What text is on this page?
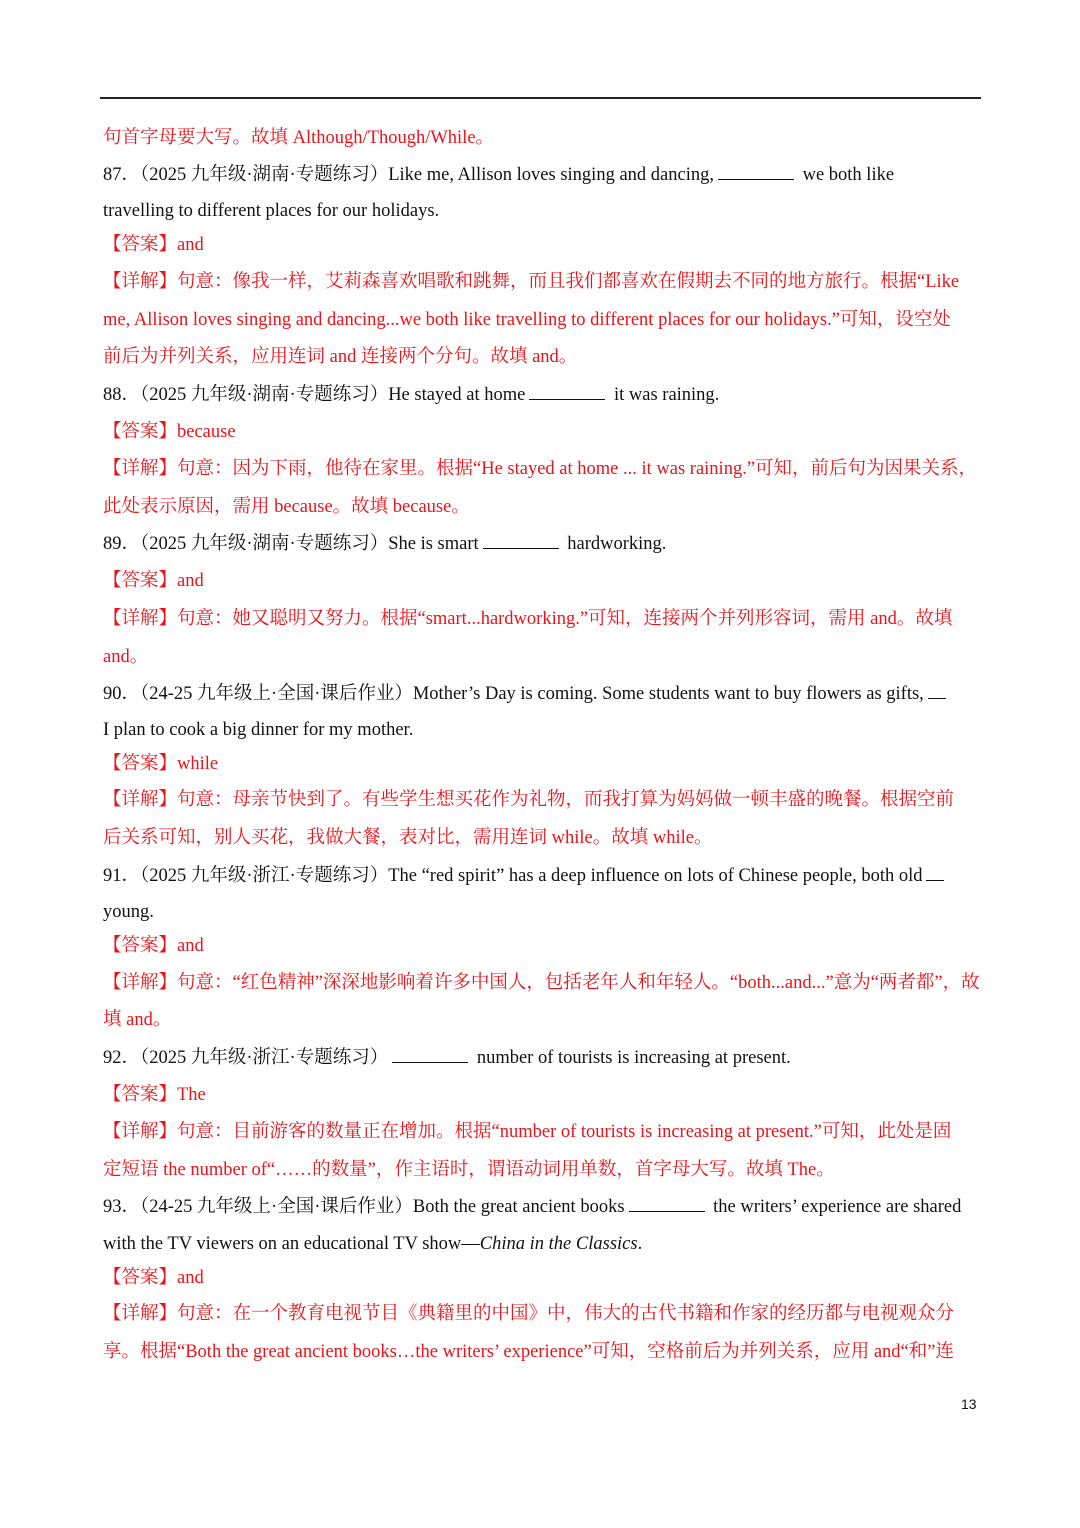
句首字母要大写。故填 Although/Though/While。
87．（2025 九年级·湖南·专题练习）Like me, Allison loves singing and dancing,	we both like
travelling to different places for our holidays.
【答案】and
【详解】句意：像我一样，艾莉森喜欢唱歌和跳舞，而且我们都喜欢在假期去不同的地方旅行。根据“Like
me, Allison loves singing and dancing...we both like travelling to different places for our holidays.”可知，设空处
前后为并列关系，应用连词 and 连接两个分句。故填 and。
88．（2025 九年级·湖南·专题练习）He stayed at home	it was raining.
【答案】because
【详解】句意：因为下雨，他待在家里。根据“He stayed at home ... it was raining.”可知，前后句为因果关系，
此处表示原因，需用 because。故填 because。
89．（2025 九年级·湖南·专题练习）She is smart	hardworking.
【答案】and
【详解】句意：她又聪明又努力。根据“smart...hardworking.”可知，连接两个并列形容词，需用 and。故填
and。
90．（24-25 九年级上·全国·课后作业）Mother’s Day is coming. Some students want to buy flowers as gifts,
I plan to cook a big dinner for my mother.
【答案】while
【详解】句意：母亲节快到了。有些学生想买花作为礼物，而我打算为妈妈做一顿丰盛的晚餐。根据空前
后关系可知，别人买花，我做大餐，表对比，需用连词 while。故填 while。
91．（2025 九年级·浙江·专题练习）The “red spirit” has a deep influence on lots of Chinese people, both old
young.
【答案】and
【详解】句意：“红色精神”深深地影响着许多中国人，包括老年人和年轻人。“both...and...”意为“两者都”，故
填 and。
92．（2025 九年级·浙江·专题练习）	number of tourists is increasing at present.
【答案】The
【详解】句意：目前游客的数量正在增加。根据“number of tourists is increasing at present.”可知，此处是固
定短语 the number of“……的数量”，作主语时，谓语动词用单数，首字母大写。故填 The。
93．（24-25 九年级上·全国·课后作业）Both the great ancient books	the writers’ experience are shared
with the TV viewers on an educational TV show—China in the Classics.
【答案】and
【详解】句意：在一个教育电视节目《典籍里的中国》中，伟大的古代书籍和作家的经历都与电视观众分
享。根据“Both the great ancient books…the writers’ experience”可知，空格前后为并列关系，应用 and“和”连
13
